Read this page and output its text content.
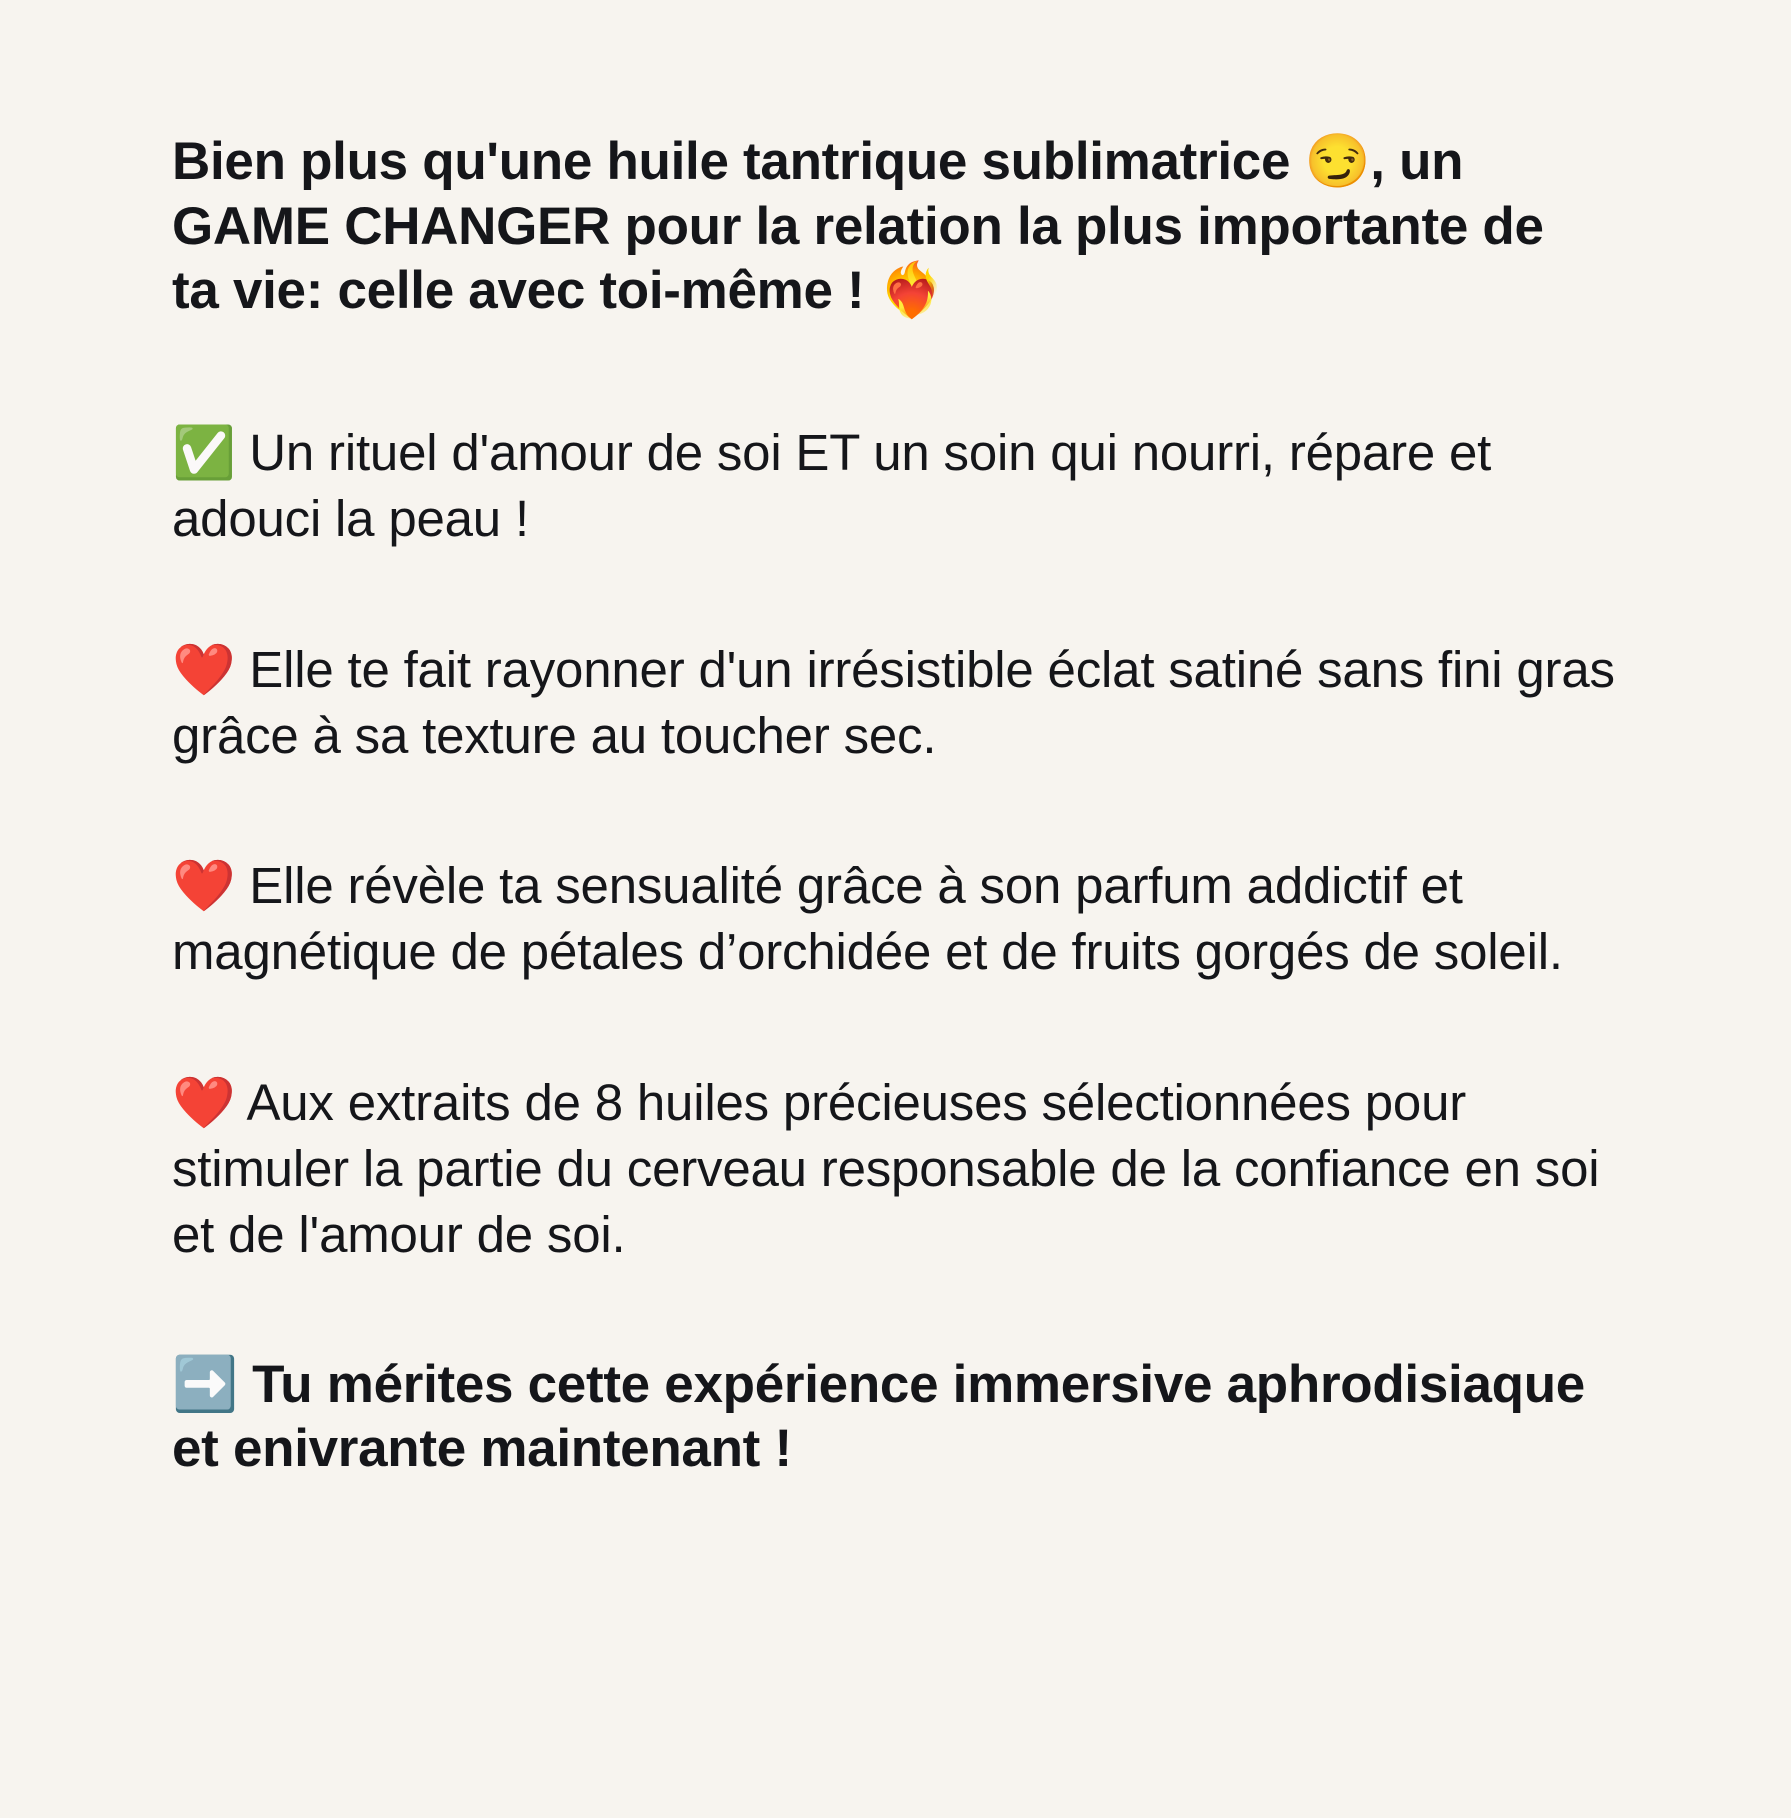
Bien plus qu'une huile tantrique sublimatrice 😏, un GAME CHANGER pour la relation la plus importante de ta vie: celle avec toi-même ! ❤️‍🔥

✅ Un rituel d'amour de soi ET un soin qui nourri, répare et adouci la peau !

❤️ Elle te fait rayonner d'un irrésistible éclat satiné sans fini gras grâce à sa texture au toucher sec.

❤️ Elle révèle ta sensualité grâce à son parfum addictif et magnétique de pétales d’orchidée et de fruits gorgés de soleil.

❤️ Aux extraits de 8 huiles précieuses sélectionnées pour stimuler la partie du cerveau responsable de la confiance en soi et de l'amour de soi.

➡️ Tu mérites cette expérience immersive aphrodisiaque et enivrante maintenant !
